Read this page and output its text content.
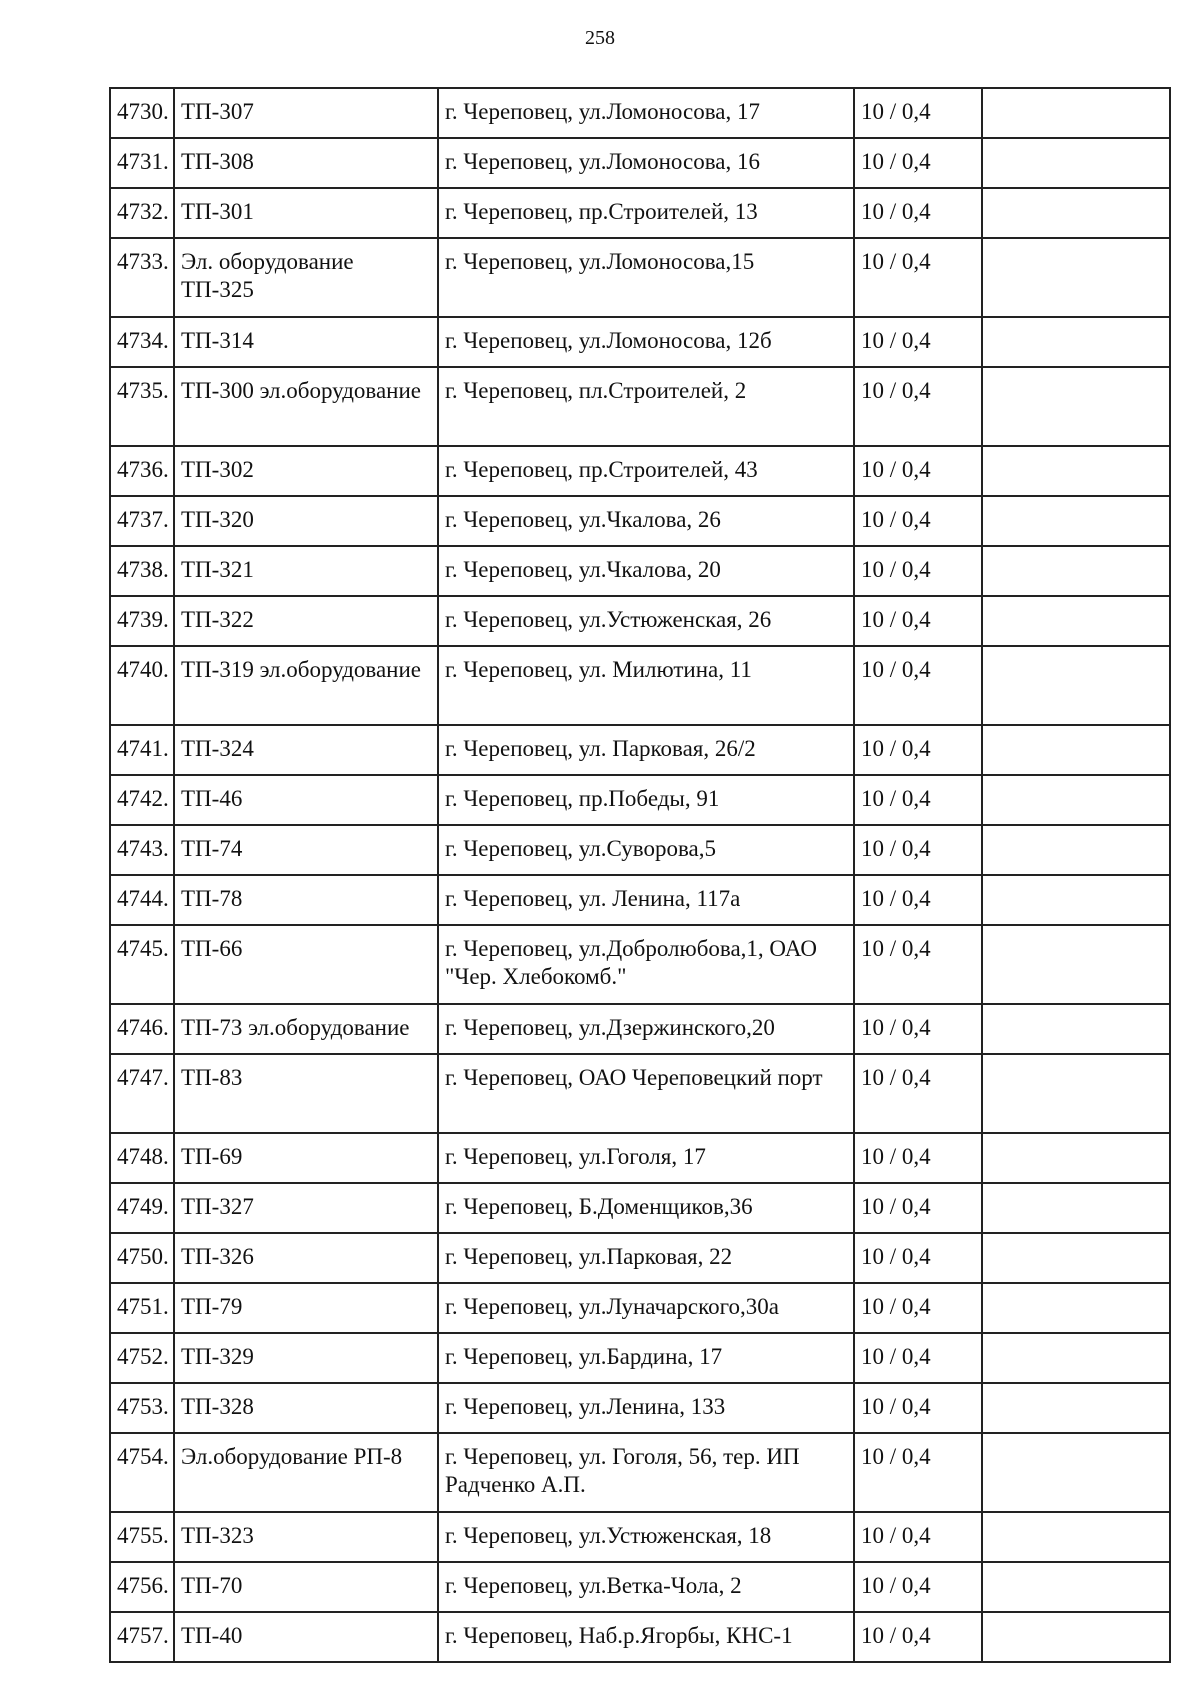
258
4730.	ТП-307	г. Череповец, ул.Ломоносова, 17	10 / 0,4	
4731.	ТП-308	г. Череповец, ул.Ломоносова, 16	10 / 0,4	
4732.	ТП-301	г. Череповец, пр.Строителей, 13	10 / 0,4	
4733.	Эл. оборудование ТП-325	г. Череповец, ул.Ломоносова,15	10 / 0,4	
4734.	ТП-314	г. Череповец, ул.Ломоносова, 12б	10 / 0,4	
4735.	ТП-300 эл.оборудование	г. Череповец, пл.Строителей, 2	10 / 0,4	
4736.	ТП-302	г. Череповец, пр.Строителей, 43	10 / 0,4	
4737.	ТП-320	г. Череповец, ул.Чкалова, 26	10 / 0,4	
4738.	ТП-321	г. Череповец, ул.Чкалова, 20	10 / 0,4	
4739.	ТП-322	г. Череповец, ул.Устюженская, 26	10 / 0,4	
4740.	ТП-319 эл.оборудование	г. Череповец, ул. Милютина, 11	10 / 0,4	
4741.	ТП-324	г. Череповец, ул. Парковая, 26/2	10 / 0,4	
4742.	ТП-46	г. Череповец, пр.Победы, 91	10 / 0,4	
4743.	ТП-74	г. Череповец, ул.Суворова,5	10 / 0,4	
4744.	ТП-78	г. Череповец, ул. Ленина, 117а	10 / 0,4	
4745.	ТП-66	г. Череповец, ул.Добролюбова,1, ОАО "Чер. Хлебокомб."	10 / 0,4	
4746.	ТП-73 эл.оборудование	г. Череповец, ул.Дзержинского,20	10 / 0,4	
4747.	ТП-83	г. Череповец, ОАО Череповецкий порт	10 / 0,4	
4748.	ТП-69	г. Череповец, ул.Гоголя, 17	10 / 0,4	
4749.	ТП-327	г. Череповец, Б.Доменщиков,36	10 / 0,4	
4750.	ТП-326	г. Череповец, ул.Парковая, 22	10 / 0,4	
4751.	ТП-79	г. Череповец, ул.Луначарского,30а	10 / 0,4	
4752.	ТП-329	г. Череповец, ул.Бардина, 17	10 / 0,4	
4753.	ТП-328	г. Череповец, ул.Ленина, 133	10 / 0,4	
4754.	Эл.оборудование РП-8	г. Череповец, ул. Гоголя, 56, тер. ИП Радченко А.П.	10 / 0,4	
4755.	ТП-323	г. Череповец, ул.Устюженская, 18	10 / 0,4	
4756.	ТП-70	г. Череповец, ул.Ветка-Чола, 2	10 / 0,4	
4757.	ТП-40	г. Череповец, Наб.р.Ягорбы, КНС-1	10 / 0,4	
